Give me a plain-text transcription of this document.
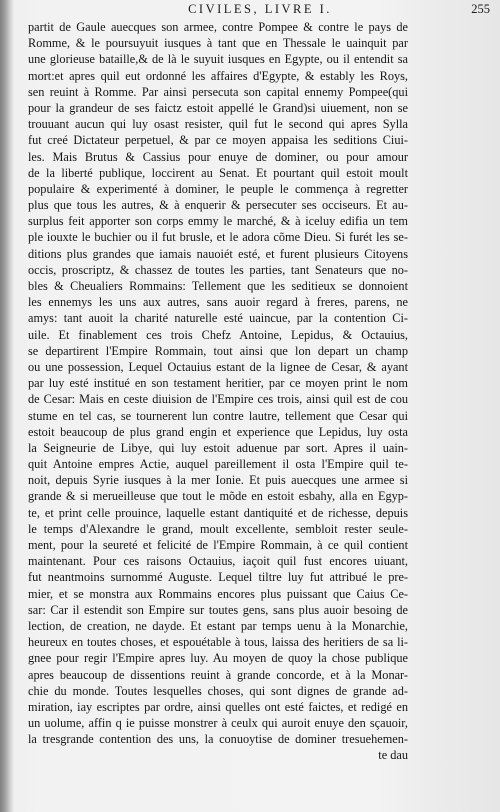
CIVILES, LIVRE I.	255
partit de Gaule auecques son armee, contre Pompee & contre le pays de
Romme, & le poursuyuit iusques à tant que en Thessale le uainquit par
une glorieuse bataille,& de là le suyuit iusques en Egypte, ou il entendit sa
mort:et apres quil eut ordonné les affaires d'Egypte, & estably les Roys,
sen reuint à Romme. Par ainsi persecuta son capital ennemy Pompee(qui
pour la grandeur de ses faictz estoit appellé le Grand)si uiuement, non se
trouuant aucun qui luy osast resister, quil fut le second qui apres Sylla
fut creé Dictateur perpetuel, & par ce moyen appaisa les seditions Ciui-
les. Mais Brutus & Cassius pour enuye de dominer, ou pour amour
de la liberté publique, loccirent au Senat. Et pourtant quil estoit moult
populaire & experimenté à dominer, le peuple le commença à regretter
plus que tous les autres, & à enquerir & persecuter ses occiseurs. Et au-
surplus feit apporter son corps emmy le marché, & à iceluy edifia un tem
ple iouxte le buchier ou il fut brusle, et le adora cõme Dieu. Si furét les se-
ditions plus grandes que iamais nauoiét esté, et furent plusieurs Citoyens
occis, proscriptz, & chassez de toutes les parties, tant Senateurs que no-
bles & Cheualiers Rommains: Tellement que les seditieux se donnoient
les ennemys les uns aux autres, sans auoir regard à freres, parens, ne
amys: tant auoit la charité naturelle esté uaincue, par la contention Ci-
uile. Et finablement ces trois Chefz Antoine, Lepidus, & Octauius,
se departirent l'Empire Rommain, tout ainsi que lon depart un champ
ou une possession, Lequel Octauius estant de la lignee de Cesar, & ayant
par luy esté institué en son testament heritier, par ce moyen print le nom
de Cesar: Mais en ceste diuision de l'Empire ces trois, ainsi quil est de cou
stume en tel cas, se tournerent lun contre lautre, tellement que Cesar qui
estoit beaucoup de plus grand engin et experience que Lepidus, luy osta
la Seigneurie de Libye, qui luy estoit aduenue par sort. Apres il uain-
quit Antoine empres Actie, auquel pareillement il osta l'Empire quil te-
noit, depuis Syrie iusques à la mer Ionie. Et puis auecques une armee si
grande & si merueilleuse que tout le mõde en estoit esbahy, alla en Egyp-
te, et print celle prouince, laquelle estant dantiquité et de richesse, depuis
le temps d'Alexandre le grand, moult excellente, sembloit rester seule-
ment, pour la seureté et felicité de l'Empire Rommain, à ce quil contient
maintenant. Pour ces raisons Octauius, iaçoit quil fust encores uiuant,
fut neantmoins surnommé Auguste. Lequel tiltre luy fut attribué le pre-
mier, et se monstra aux Rommains encores plus puissant que Caius Ce-
sar: Car il estendit son Empire sur toutes gens, sans plus auoir besoing de
lection, de creation, ne dayde. Et estant par temps uenu à la Monarchie,
heureux en toutes choses, et espouétable à tous, laissa des heritiers de sa li-
gnee pour regir l'Empire apres luy. Au moyen de quoy la chose publique
apres beaucoup de dissentions reuint à grande concorde, et à la Monar-
chie du monde. Toutes lesquelles choses, qui sont dignes de grande ad-
miration, iay escriptes par ordre, ainsi quelles ont esté faictes, et redigé en
un uolume, affin q ie puisse monstrer à ceulx qui auroit enuye den sçauoir,
la tresgrande contention des uns, la conuoytise de dominer tresuehemen-
te dau
